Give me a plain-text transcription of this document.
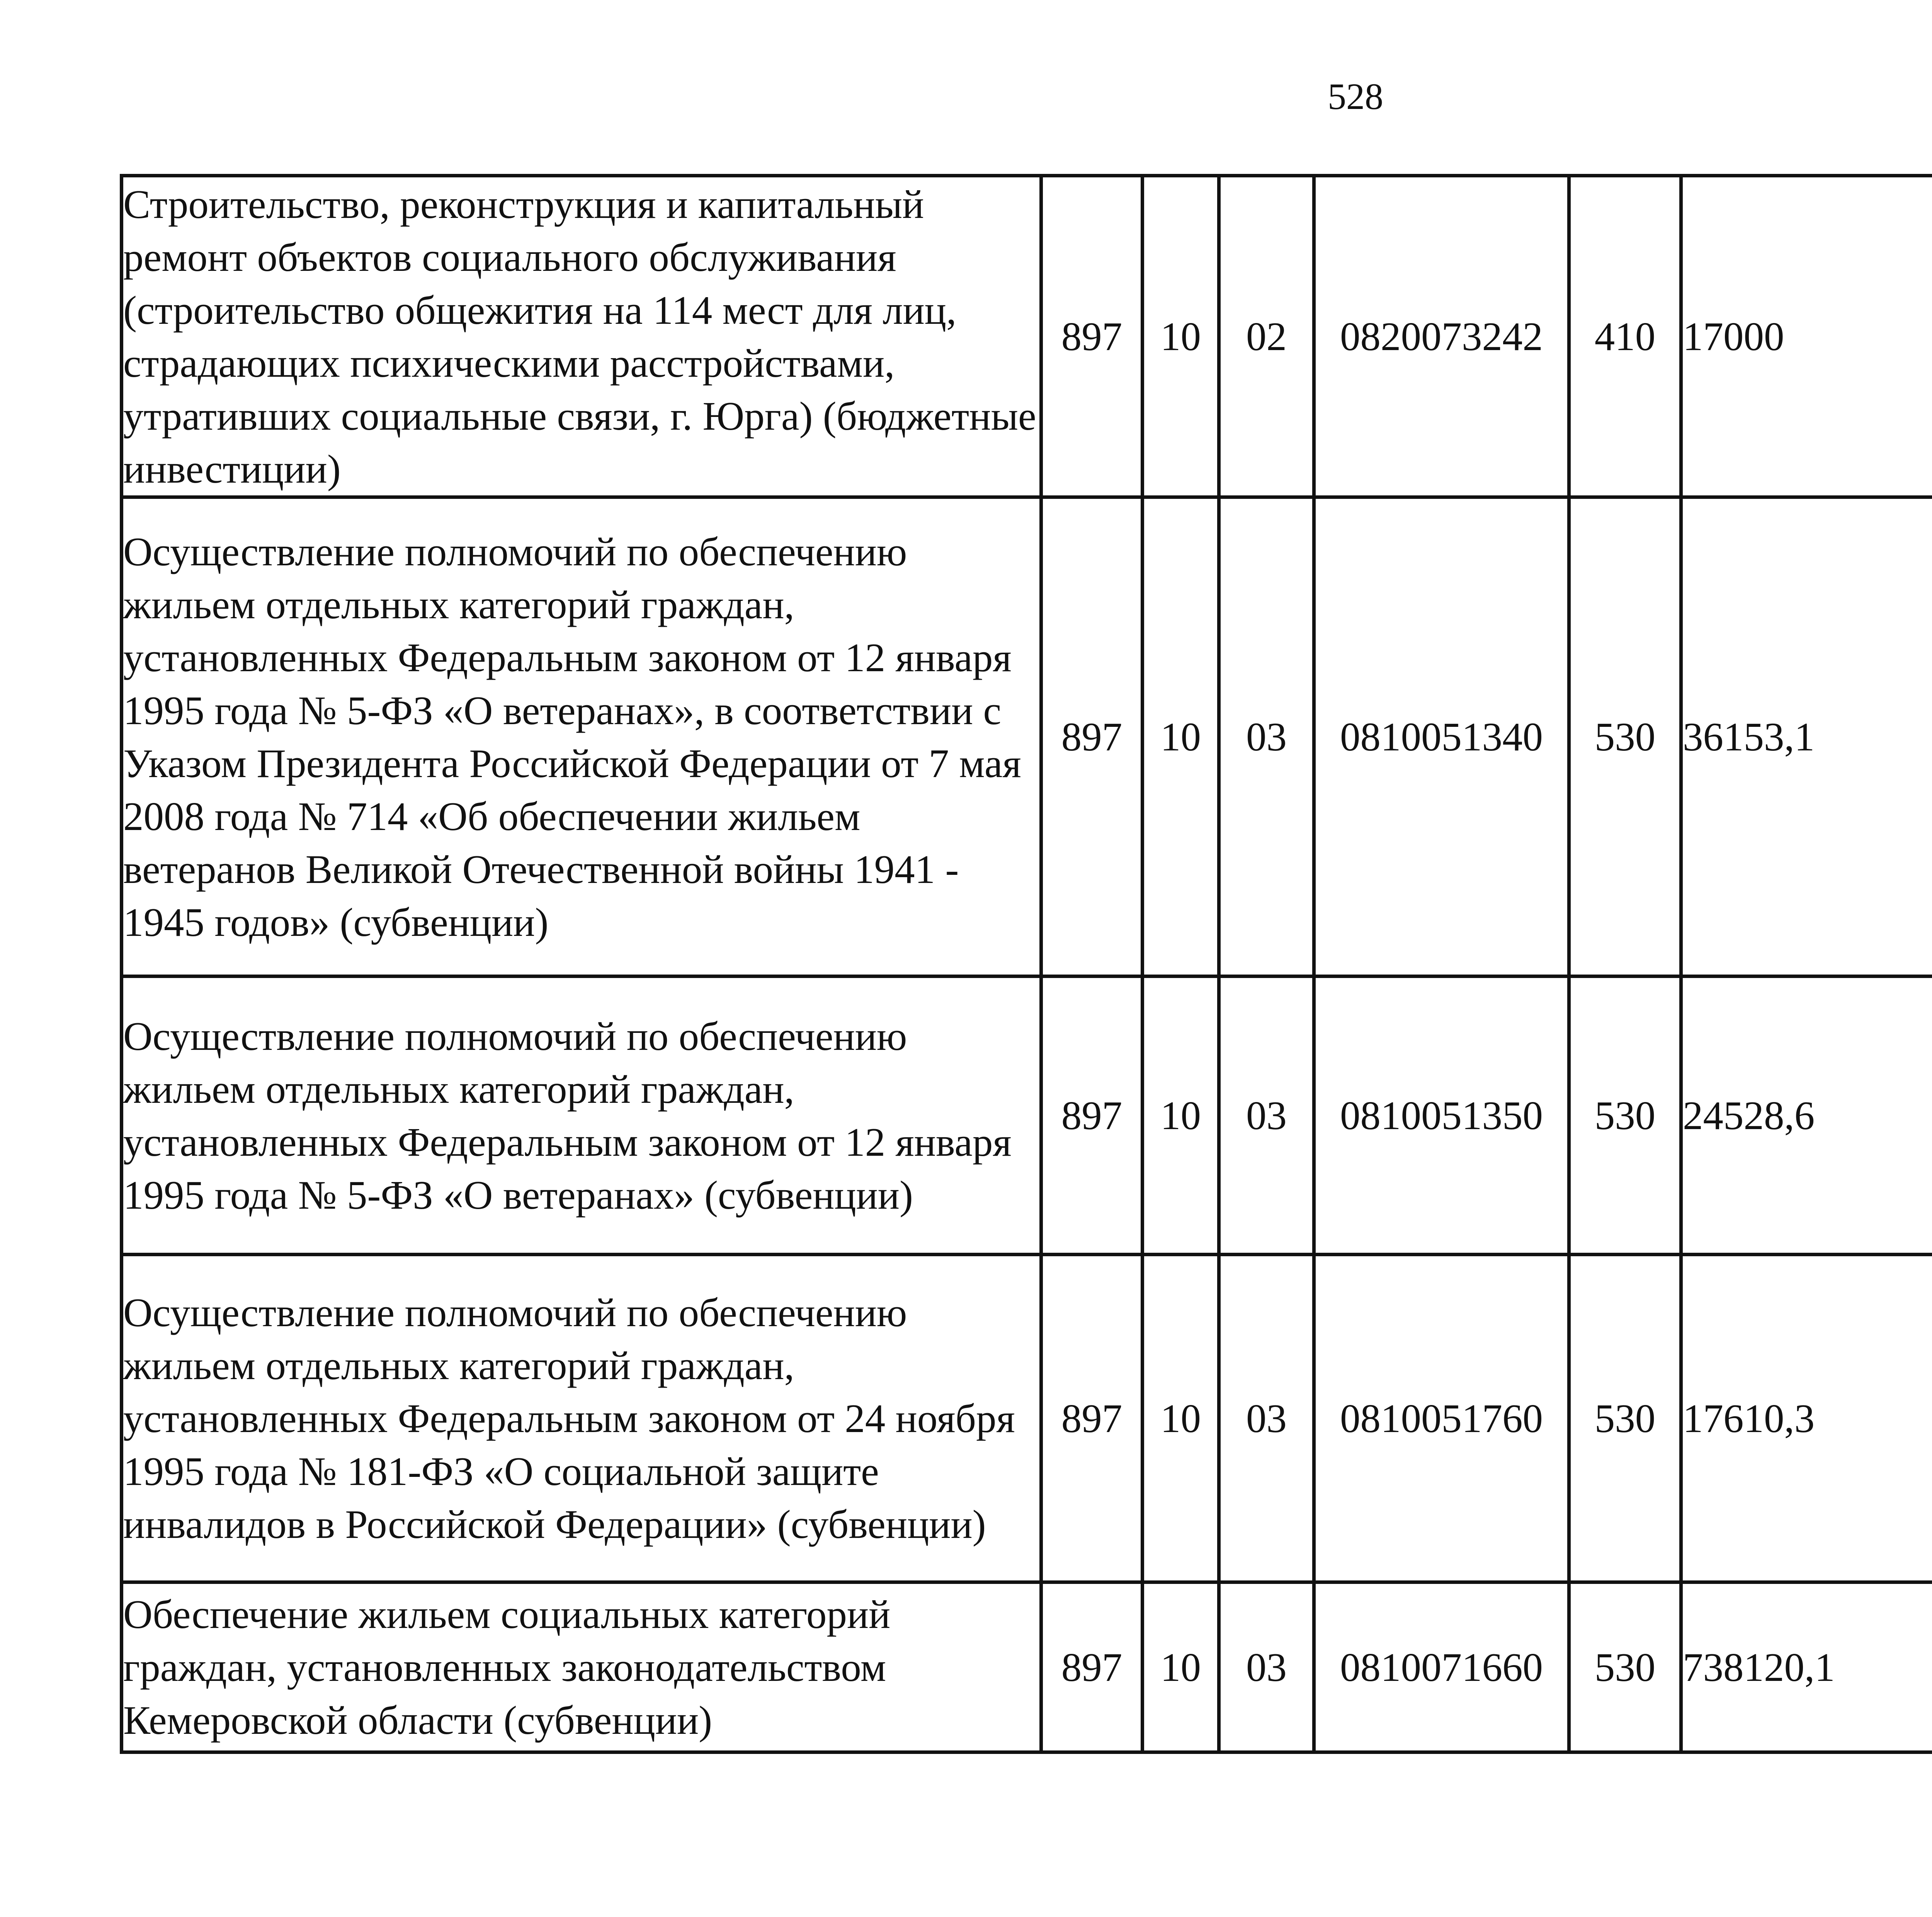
528
Строительство, реконструкция и капитальный ремонт объектов социального обслуживания (строительство общежития на 114 мест для лиц, страдающих психическими расстройствами, утративших социальные связи, г. Юрга) (бюджетные инвестиции)	897	10	02	0820073242	410	17000		
Осуществление полномочий по обеспечению жильем отдельных категорий граждан, установленных Федеральным законом от 12 января 1995 года № 5-ФЗ «О ветеранах», в соответствии с Указом Президента Российской Федерации от 7 мая 2008 года № 714 «Об обеспечении жильем ветеранов Великой Отечественной войны 1941 - 1945 годов» (субвенции)	897	10	03	0810051340	530	36153,1		
Осуществление полномочий по обеспечению жильем отдельных категорий граждан, установленных Федеральным законом от 12 января 1995 года № 5-ФЗ «О ветеранах» (субвенции)	897	10	03	0810051350	530	24528,6		
Осуществление полномочий по обеспечению жильем отдельных категорий граждан, установленных Федеральным законом от 24 ноября 1995 года № 181-ФЗ «О социальной защите инвалидов в Российской Федерации» (субвенции)	897	10	03	0810051760	530	17610,3		
Обеспечение жильем социальных категорий граждан, установленных законодательством Кемеровской области (субвенции)	897	10	03	0810071660	530	738120,1		
